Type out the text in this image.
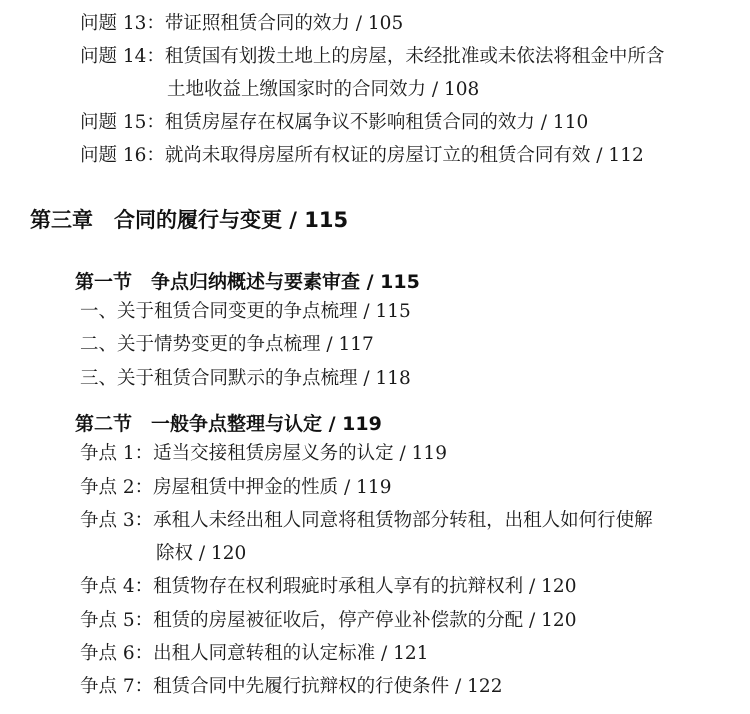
问题 13：带证照租赁合同的效力 / 105
问题 14：租赁国有划拨土地上的房屋，未经批准或未依法将租金中所含
土地收益上缴国家时的合同效力 / 108
问题 15：租赁房屋存在权属争议不影响租赁合同的效力 / 110
问题 16：就尚未取得房屋所有权证的房屋订立的租赁合同有效 / 112
第三章　合同的履行与变更 / 115
第一节　争点归纳概述与要素审查 / 115
一、关于租赁合同变更的争点梳理 / 115
二、关于情势变更的争点梳理 / 117
三、关于租赁合同默示的争点梳理 / 118
第二节　一般争点整理与认定 / 119
争点 1：适当交接租赁房屋义务的认定 / 119
争点 2：房屋租赁中押金的性质 / 119
争点 3：承租人未经出租人同意将租赁物部分转租，出租人如何行使解
除权 / 120
争点 4：租赁物存在权利瑕疵时承租人享有的抗辩权利 / 120
争点 5：租赁的房屋被征收后，停产停业补偿款的分配 / 120
争点 6：出租人同意转租的认定标准 / 121
争点 7：租赁合同中先履行抗辩权的行使条件 / 122
